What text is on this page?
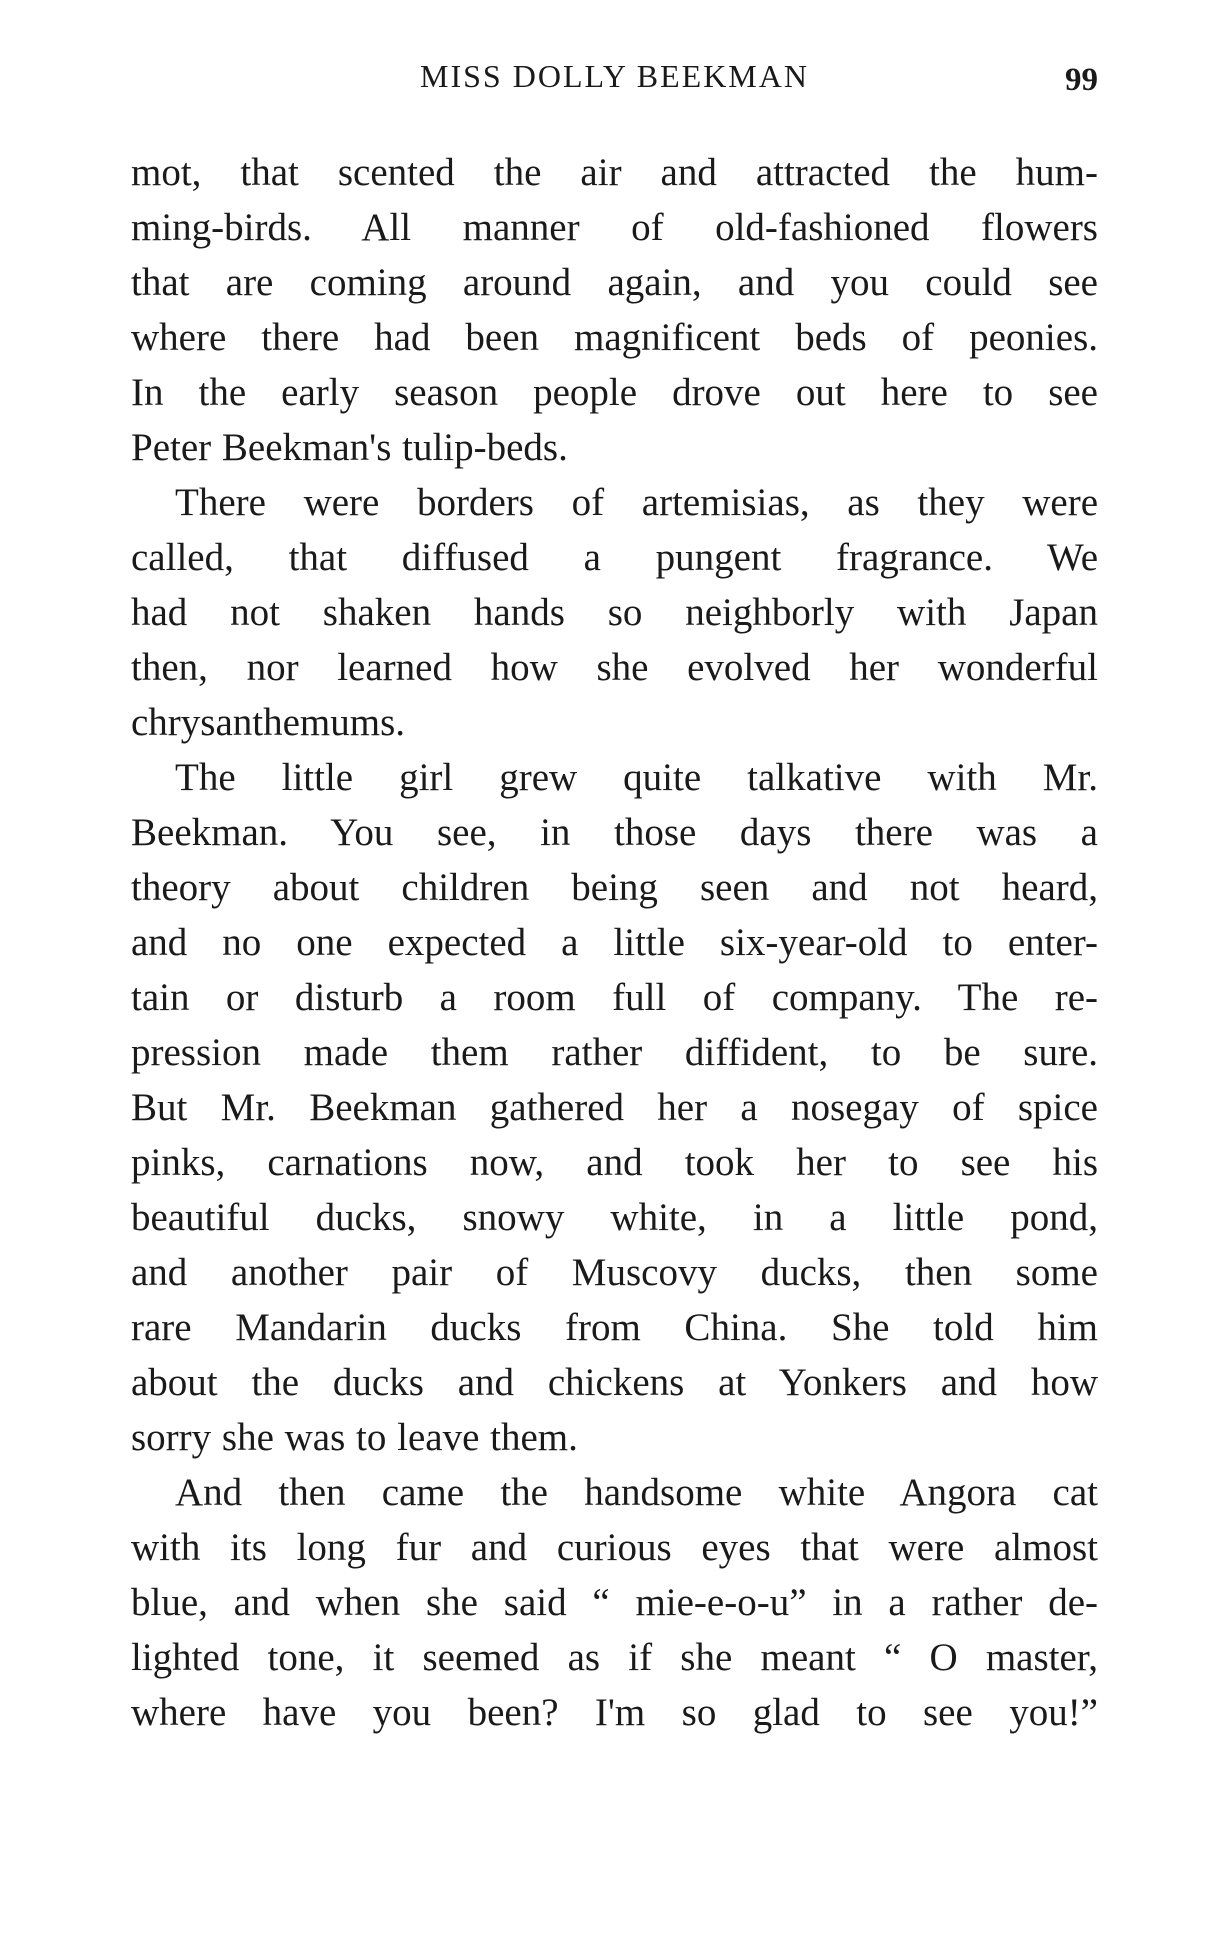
MISS DOLLY BEEKMAN	99
mot, that scented the air and attracted the hum-
ming-birds. All manner of old-fashioned flowers
that are coming around again, and you could see
where there had been magnificent beds of peonies.
In the early season people drove out here to see
Peter Beekman's tulip-beds.
There were borders of artemisias, as they were
called, that diffused a pungent fragrance. We
had not shaken hands so neighborly with Japan
then, nor learned how she evolved her wonderful
chrysanthemums.
The little girl grew quite talkative with Mr.
Beekman. You see, in those days there was a
theory about children being seen and not heard,
and no one expected a little six-year-old to enter-
tain or disturb a room full of company. The re-
pression made them rather diffident, to be sure.
But Mr. Beekman gathered her a nosegay of spice
pinks, carnations now, and took her to see his
beautiful ducks, snowy white, in a little pond,
and another pair of Muscovy ducks, then some
rare Mandarin ducks from China. She told him
about the ducks and chickens at Yonkers and how
sorry she was to leave them.
And then came the handsome white Angora cat
with its long fur and curious eyes that were almost
blue, and when she said “ mie-e-o-u” in a rather de-
lighted tone, it seemed as if she meant “ O master,
where have you been? I'm so glad to see you!”
